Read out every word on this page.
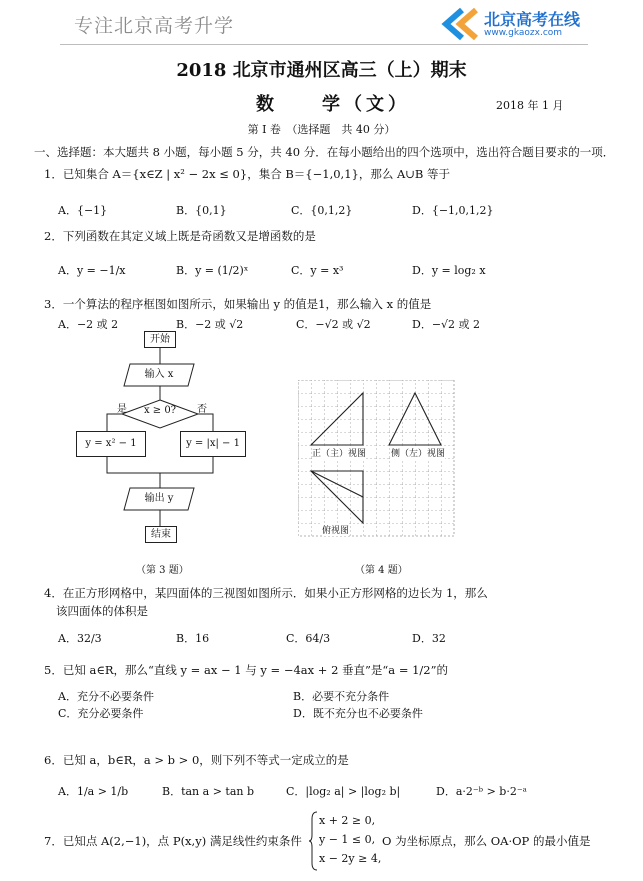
专注北京高考升学	北京高考在线
www.gkaozx.com
2018 北京市通州区高三（上）期末
数　　学（文）	2018 年 1 月
第 I 卷　（选择题　共 40 分）
一、选择题：本大题共 8 小题，每小题 5 分，共 40 分．在每小题给出的四个选项中，选出符合题目要求的一项．
1．已知集合 A＝{x∈Z | x² − 2x ≤ 0}，集合 B＝{−1,0,1}，那么 A∪B 等于
A．{−1}	B．{0,1}	C．{0,1,2}	D．{−1,0,1,2}
2．下列函数在其定义域上既是奇函数又是增函数的是
A．y = −1/x	B．y = (1/2)ˣ	C．y = x³	D．y = log₂ x
3．一个算法的程序框图如图所示，如果输出 y 的值是1，那么输入 x 的值是
A．−2 或 2	B．−2 或 √2	C．−√2 或 √2	D．−√2 或 2
开始
输入 x
x ≥ 0?
是	否
y = x² − 1	y = |x| − 1
输出 y
结束
（第 3 题）
正（主）视图	侧（左）视图
俯视图
（第 4 题）
4．在正方形网格中，某四面体的三视图如图所示．如果小正方形网格的边长为 1，那么
该四面体的体积是
A．32/3	B．16	C．64/3	D．32
5．已知 a∈R，那么“直线 y = ax − 1 与 y = −4ax + 2 垂直”是“a = 1/2”的
A．充分不必要条件	B．必要不充分条件
C．充分必要条件	D．既不充分也不必要条件
6．已知 a，b∈R，a > b > 0，则下列不等式一定成立的是
A．1/a > 1/b	B．tan a > tan b	C．|log₂ a| > |log₂ b|	D．a·2⁻ᵇ > b·2⁻ᵃ
7．已知点 A(2,−1)，点 P(x,y) 满足线性约束条件
x + 2 ≥ 0,
y − 1 ≤ 0,
x − 2y ≥ 4,
O 为坐标原点，那么 OA·OP 的最小值是
